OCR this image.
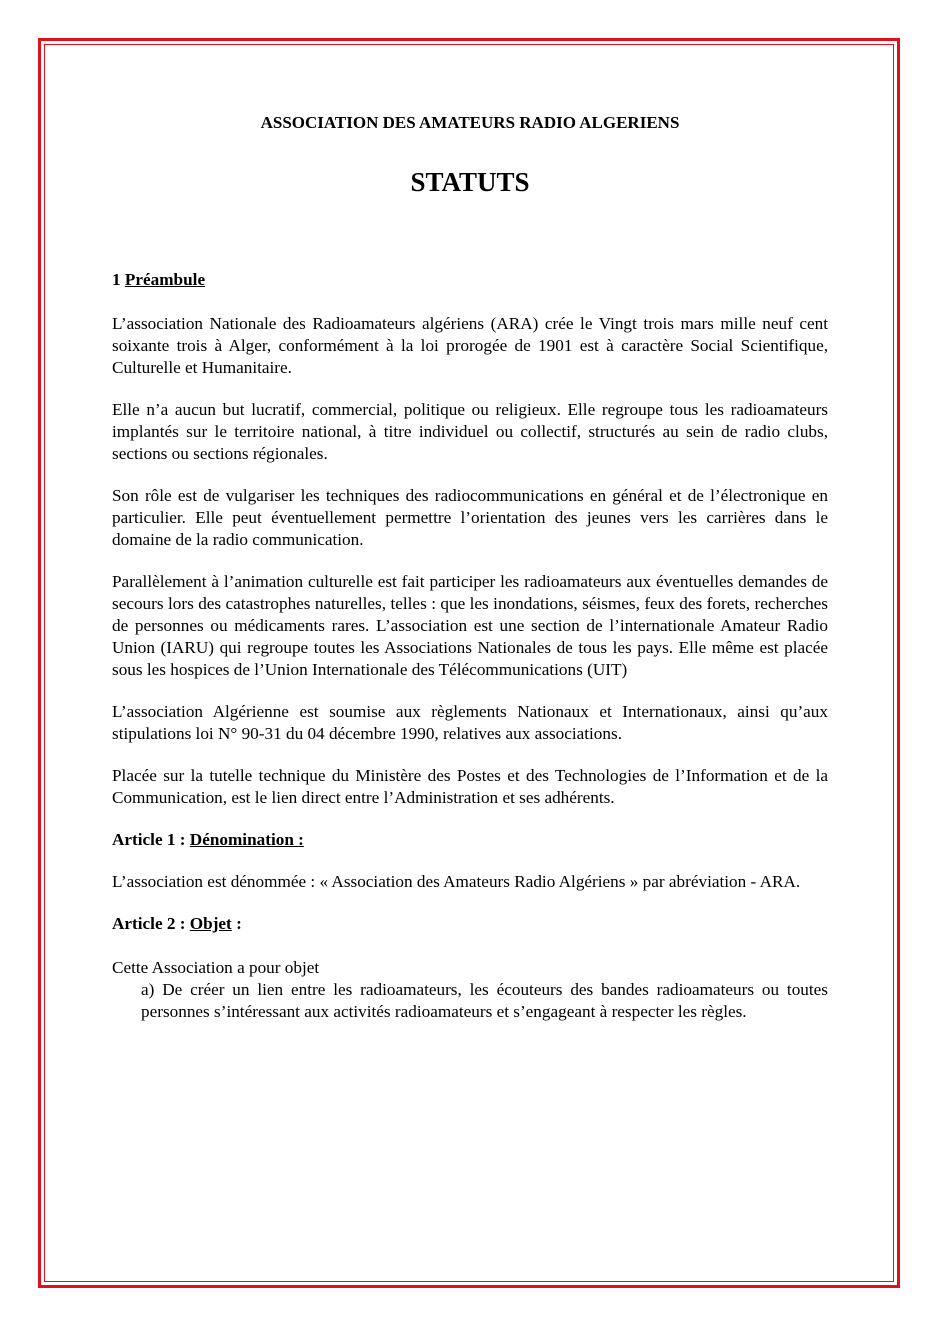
ASSOCIATION DES AMATEURS RADIO ALGERIENS

STATUTS

1 Préambule

L’association Nationale des Radioamateurs algériens (ARA) crée le Vingt trois mars mille neuf cent soixante trois à Alger, conformément à la loi prorogée de 1901 est à caractère Social Scientifique, Culturelle et Humanitaire.

Elle n’a aucun but lucratif, commercial, politique ou religieux. Elle regroupe tous les radioamateurs implantés sur le territoire national, à titre individuel ou collectif, structurés au sein de radio clubs, sections ou sections régionales.

Son rôle est de vulgariser les techniques des radiocommunications en général et de l’électronique en particulier. Elle peut éventuellement permettre l’orientation des jeunes vers les carrières dans le domaine de la radio communication.

Parallèlement à l’animation culturelle est fait participer les radioamateurs aux éventuelles demandes de secours lors des catastrophes naturelles, telles : que les inondations, séismes, feux des forets, recherches de personnes ou médicaments rares. L’association est une section de l’internationale Amateur Radio Union (IARU) qui regroupe toutes les Associations Nationales de tous les pays. Elle même est placée sous les hospices de l’Union Internationale des Télécommunications (UIT)

L’association Algérienne est soumise aux règlements Nationaux et Internationaux, ainsi qu’aux stipulations loi N° 90-31 du 04 décembre 1990, relatives aux associations.

Placée sur la tutelle technique du Ministère des Postes et des Technologies de l’Information et de la Communication, est le lien direct entre l’Administration et ses adhérents.

Article 1 : Dénomination :

L’association est dénommée : « Association des Amateurs Radio Algériens » par abréviation - ARA.

Article 2 : Objet :

Cette Association a pour objet

a) De créer un lien entre les radioamateurs, les écouteurs des bandes radioamateurs ou toutes personnes s’intéressant aux activités radioamateurs et s’engageant à respecter les règles.
